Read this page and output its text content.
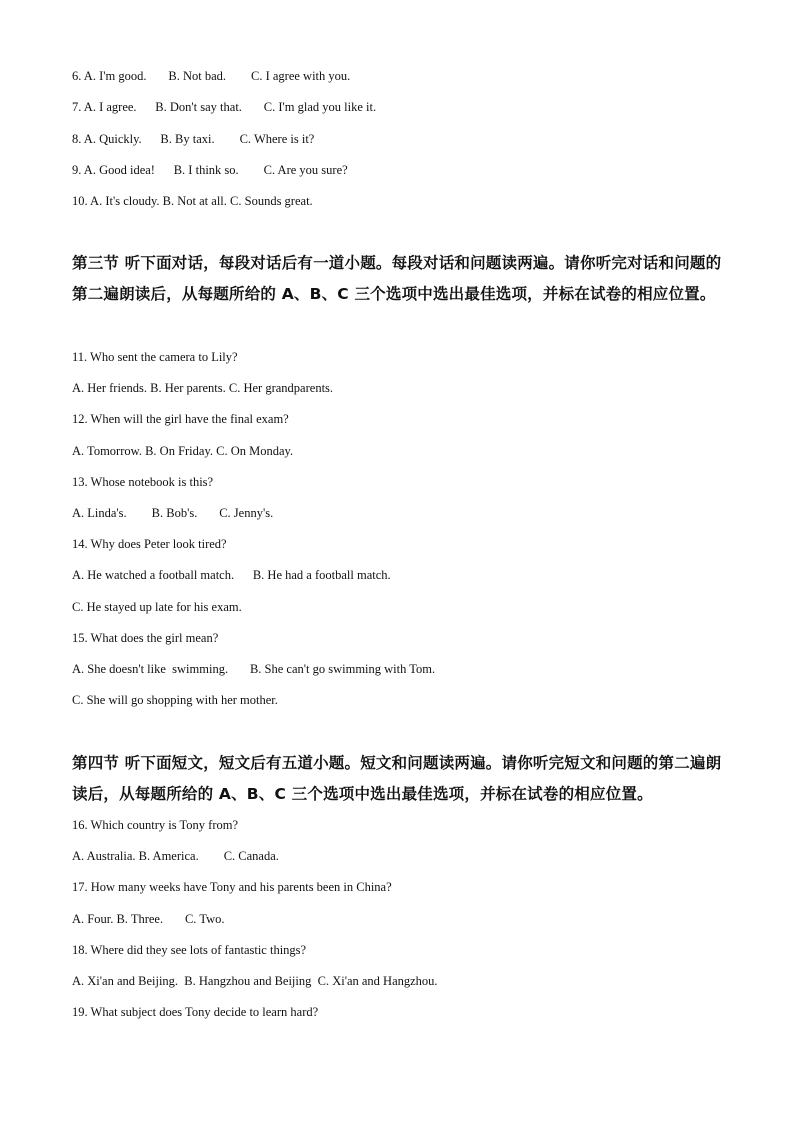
6. A. I'm good.       B. Not bad.        C. I agree with you.
7. A. I agree.      B. Don't say that.       C. I'm glad you like it.
8. A. Quickly.      B. By taxi.        C. Where is it?
9. A. Good idea!      B. I think so.        C. Are you sure?
10. A. It's cloudy. B. Not at all. C. Sounds great.
第三节 听下面对话，每段对话后有一道小题。每段对话和问题读两遍。请你听完对话和问题的第二遍朗读后，从每题所给的 A、B、C 三个选项中选出最佳选项，并标在试卷的相应位置。
11. Who sent the camera to Lily?
A. Her friends. B. Her parents. C. Her grandparents.
12. When will the girl have the final exam?
A. Tomorrow. B. On Friday. C. On Monday.
13. Whose notebook is this?
A. Linda's.        B. Bob's.       C. Jenny's.
14. Why does Peter look tired?
A. He watched a football match.      B. He had a football match.
C. He stayed up late for his exam.
15. What does the girl mean?
A. She doesn't like  swimming.       B. She can't go swimming with Tom.
C. She will go shopping with her mother.
第四节 听下面短文，短文后有五道小题。短文和问题读两遍。请你听完短文和问题的第二遍朗读后，从每题所给的 A、B、C 三个选项中选出最佳选项，并标在试卷的相应位置。
16. Which country is Tony from?
A. Australia. B. America.        C. Canada.
17. How many weeks have Tony and his parents been in China?
A. Four. B. Three.       C. Two.
18. Where did they see lots of fantastic things?
A. Xi'an and Beijing.  B. Hangzhou and Beijing  C. Xi'an and Hangzhou.
19. What subject does Tony decide to learn hard?
